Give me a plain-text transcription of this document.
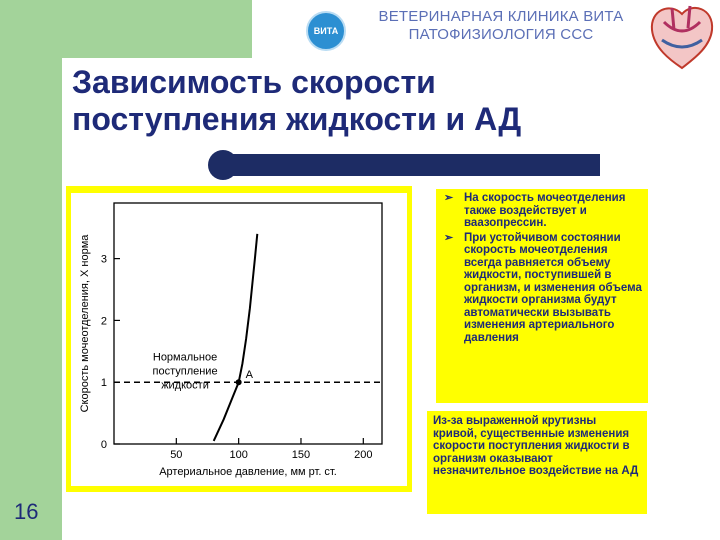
ВИТА
ВЕТЕРИНАРНАЯ КЛИНИКА ВИТА
ПАТОФИЗИОЛОГИЯ ССС
Зависимость скорости
поступления жидкости и АД
0
1
2
3
50	100	150	200
A
Нормальное
поступление
жидкости
Артериальное давление, мм рт. ст.
Скорость мочеотделения, X норма
16
➢ На скорость мочеотделения также воздействует и ваазопрессин.
➢ При устойчивом состоянии скорость мочеотделения всегда равняется объему жидкости, поступившей в организм, и изменения объема жидкости организма будут автоматически вызывать изменения артериального давления
Из-за выраженной крутизны кривой, существенные изменения скорости поступления жидкости в организм оказывают незначительное воздействие на АД
